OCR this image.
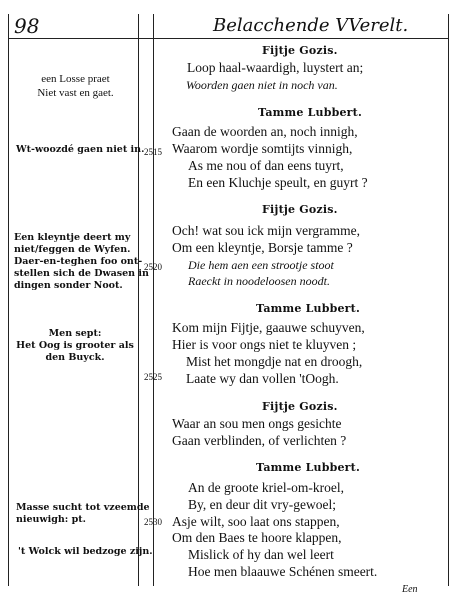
98	Belacchende VVerelt.
een Losse praet
Niet vast en gaet.
Wt-woozdé gaen niet in.
Een kleyntje deert my
niet/feggen de Wyfen.
Daer-en-teghen foo ont-
stellen sich de Dwasen in
dingen sonder Noot.
Men sept:
Het Oog is grooter als
den Buyck.
Masse sucht tot vzeemde
nieuwigh: pt.
't Wolck wil bedzoge zijn.
2515
2520
2525
2530
Fijtje Gozis.
Loop haal-waardigh, luystert an;
Woorden gaen niet in noch van.
Tamme Lubbert.
Gaan de woorden an, noch innigh,
Waarom wordje somtijts vinnigh,
As me nou of dan eens tuyrt,
En een Kluchje speult, en guyrt ?
Fijtje Gozis.
Och! wat sou ick mijn vergramme,
Om een kleyntje, Borsje tamme ?
Die hem aen een strootje stoot
Raeckt in noodeloosen noodt.
Tamme Lubbert.
Kom mijn Fijtje, gaauwe schuyven,
Hier is voor ongs niet te kluyven ;
Mist het mongdje nat en droogh,
Laate wy dan vollen 'tOogh.
Fijtje Gozis.
Waar an sou men ongs gesichte
Gaan verblinden, of verlichten ?
Tamme Lubbert.
An de groote kriel-om-kroel,
By, en deur dit vry-gewoel;
Asje wilt, soo laat ons stappen,
Om den Baes te hoore klappen,
Mislick of hy dan wel leert
Hoe men blaauwe Schénen smeert.
Een
